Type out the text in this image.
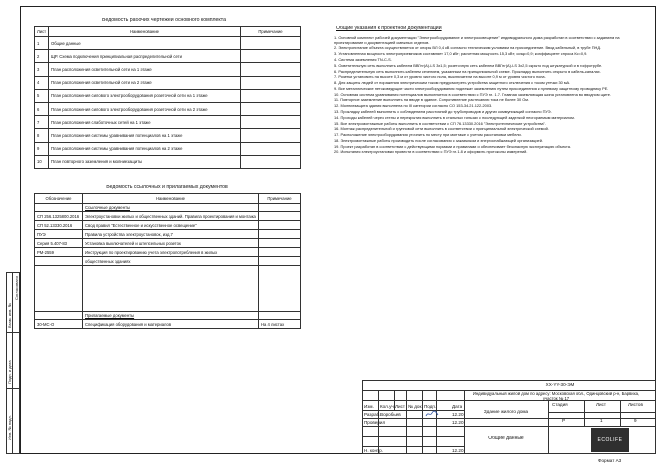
Ведомость рабочих чертежей основного комплекта
Лист	Наименование	Примечание
1	Общие данные	
2	ЩР. Схема подключения принципиальная распределительной сети	
3	План расположения осветительной сети на 1 этаже	
4	План расположения осветительной сети на 2 этаже	
5	План расположения силового электрооборудования розеточной сети на 1 этаже	
6	План расположения силового электрооборудования розеточной сети на 2 этаже	
7	План расположения слаботочных сетей на 1 этаже	
8	План расположения системы уравнивания потенциалов на 1 этаже	
9	План расположения системы уравнивания потенциалов на 2 этаже	
10	План повторного заземления и молниезащиты	
Ведомость ссылочных и прилагаемых документов
Обозначение	Наименование	Примечание
	Ссылочные документы	
СП 256.1325800.2016	Электроустановки жилых и общественных зданий. Правила проектирования и монтажа	
СП 52.13330.2016	Свод правил "Естественное и искусственное освещение"	
ПУЭ	Правила устройства электроустановок, изд.7	
Серия 5.407-83	Установка выключателей и штепсельных розеток	
РМ-2559	Инструкция по проектированию учета электропотребления в жилых	
	общественных зданиях	

	Прилагаемые документы	
30-МС-О	Спецификация оборудования и материалов	На 4 листах
Общие указания к проектной документации

1. Основной комплект рабочей документации "Электрооборудование и электроосвещение" индивидуального дома разработан в соответствии с заданием на проектирование и документацией смежных отделов.

2. Электропитание объекта осуществляется от опоры ВЛ 0,4 кВ согласно техническим условиям на присоединение. Ввод кабельный, в трубе ПНД.

3. Установленная мощность электроприемников составляет 17,0 кВт; расчетная мощность 15,3 кВт; cosφ=0,9; коэффициент спроса Кс=0,9.

4. Система заземления TN-C-S.

5. Осветительную сеть выполнить кабелем ВВГнг(А)-LS 3х1,5; розеточную сеть кабелем ВВГнг(А)-LS 3х2,5 скрыто под штукатуркой и в гофротрубе.

6. Распределительную сеть выполнить кабелем сечением, указанным на принципиальной схеме. Прокладку выполнить открыто в кабель-каналах.

7. Розетки установить на высоте 0,3 м от уровня чистого пола, выключатели на высоте 0,9 м от уровня чистого пола.

8. Для защиты людей от поражения электрическим током предусмотреть устройства защитного отключения с током утечки 30 мА.

9. Все металлические нетоковедущие части электрооборудования подлежат заземлению путем присоединения к нулевому защитному проводнику РЕ.

10. Основная система уравнивания потенциалов выполняется в соответствии с ПУЭ гл. 1.7. Главная заземляющая шина установлена во вводном щите.

11. Повторное заземление выполнить на вводе в здание. Сопротивление растеканию тока не более 30 Ом.

12. Молниезащита здания выполнена по III категории согласно СО 153-34.21.122-2003.

13. Прокладку кабелей выполнить с соблюдением расстояний до трубопроводов и других коммуникаций согласно ПУЭ.

14. Проходы кабелей через стены и перекрытия выполнить в стальных гильзах с последующей заделкой несгораемым материалом.

15. Все электромонтажные работы выполнить в соответствии с СП 76.13330.2016 "Электротехнические устройства".

16. Монтаж распределительной и групповой сети выполнить в соответствии с принципиальной электрической схемой.

17. Расположение электрооборудования уточнить по месту при монтаже с учетом расстановки мебели.

18. Электромонтажные работы производить после согласования с заказчиком и энергоснабжающей организацией.

19. Проект разработан в соответствии с действующими нормами и правилами и обеспечивает безопасную эксплуатацию объекта.

20. Испытания электроустановки провести в соответствии с ПУЭ гл.1.8 и оформить протоколы измерений.

Взам. инв. №
Подп. и дата
Инв. № подл.
Согласовано
XX-YY-30-ЭМ
Индивидуальный жилой дом по адресу: Московская обл., Одинцовский р-н, Барвиха, участок № 17
Здание жилого дома
Общие данные
Стадия	Лист	Листов
Р	1	9
Изм. Кол.уч Лист № док. Подп.	Дата
Разраб. Воробьев	12.20
Проверил	12.20
Н. контр.	12.20
ECOLIFE
Формат А3
